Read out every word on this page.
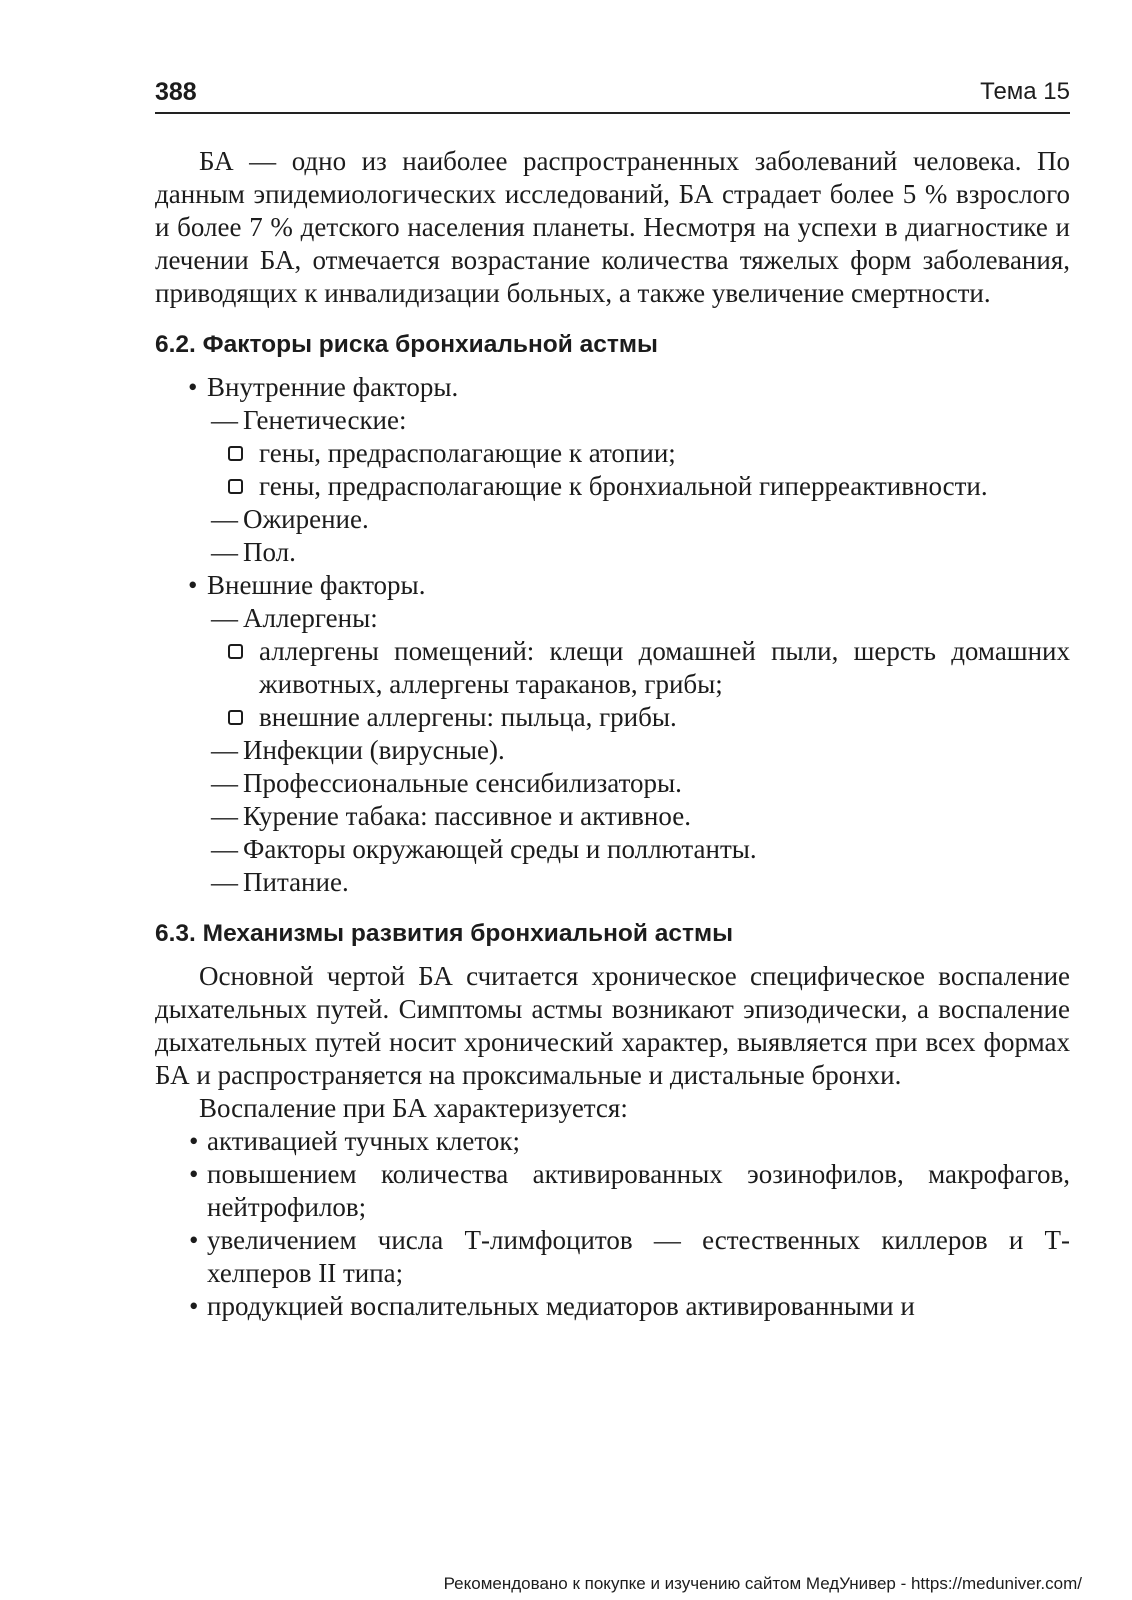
388	Тема 15

БА — одно из наиболее распространенных заболеваний человека. По данным эпидемиологических исследований, БА страдает более 5 % взрослого и более 7 % детского населения планеты. Несмотря на успехи в диагностике и лечении БА, отмечается возрастание количества тяжелых форм заболевания, приводящих к инвалидизации больных, а также увеличение смертности.

6.2. Факторы риска бронхиальной астмы
• Внутренние факторы.
— Генетические:
гены, предрасполагающие к атопии;
гены, предрасполагающие к бронхиальной гиперреактивности.
— Ожирение.
— Пол.
• Внешние факторы.
— Аллергены:
аллергены помещений: клещи домашней пыли, шерсть домашних животных, аллергены тараканов, грибы;
внешние аллергены: пыльца, грибы.
— Инфекции (вирусные).
— Профессиональные сенсибилизаторы.
— Курение табака: пассивное и активное.
— Факторы окружающей среды и поллютанты.
— Питание.
6.3. Механизмы развития бронхиальной астмы

Основной чертой БА считается хроническое специфическое воспаление дыхательных путей. Симптомы астмы возникают эпизодически, а воспаление дыхательных путей носит хронический характер, выявляется при всех формах БА и распространяется на проксимальные и дистальные бронхи.

Воспаление при БА характеризуется:

• активацией тучных клеток;
• повышением количества активированных эозинофилов, макрофагов, нейтрофилов;
• увеличением числа Т-лимфоцитов — естественных киллеров и Т-хелперов II типа;
• продукцией воспалительных медиаторов активированными и
Рекомендовано к покупке и изучению сайтом МедУнивер - https://meduniver.com/
